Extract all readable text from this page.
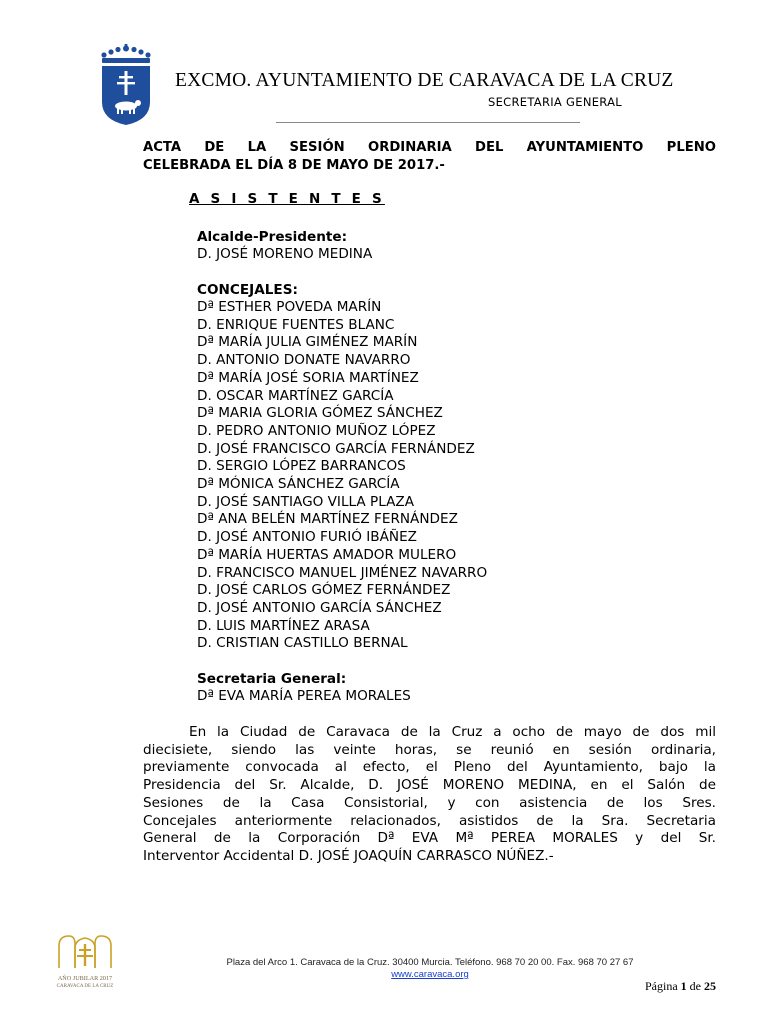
EXCMO. AYUNTAMIENTO DE CARAVACA DE LA CRUZ
SECRETARIA GENERAL
ACTA DE LA SESIÓN ORDINARIA DEL AYUNTAMIENTO PLENO
CELEBRADA EL DÍA 8 DE MAYO DE 2017.-
A S I S T E N T E S
Alcalde-Presidente:
D. JOSÉ MORENO MEDINA
CONCEJALES:
Dª ESTHER POVEDA MARÍN
D. ENRIQUE FUENTES BLANC
Dª MARÍA JULIA GIMÉNEZ MARÍN
D. ANTONIO DONATE NAVARRO
Dª MARÍA JOSÉ SORIA MARTÍNEZ
D. OSCAR MARTÍNEZ GARCÍA
Dª MARIA GLORIA GÓMEZ SÁNCHEZ
D. PEDRO ANTONIO MUÑOZ LÓPEZ
D. JOSÉ FRANCISCO GARCÍA FERNÁNDEZ
D. SERGIO LÓPEZ BARRANCOS
Dª MÓNICA SÁNCHEZ GARCÍA
D. JOSÉ SANTIAGO VILLA PLAZA
Dª ANA BELÉN MARTÍNEZ FERNÁNDEZ
D. JOSÉ ANTONIO FURIÓ IBÁÑEZ
Dª MARÍA HUERTAS AMADOR MULERO
D. FRANCISCO MANUEL JIMÉNEZ NAVARRO
D. JOSÉ CARLOS GÓMEZ FERNÁNDEZ
D. JOSÉ ANTONIO GARCÍA SÁNCHEZ
D. LUIS MARTÍNEZ ARASA
D. CRISTIAN CASTILLO BERNAL
Secretaria General:
Dª EVA MARÍA PEREA MORALES
En la Ciudad de Caravaca de la Cruz a ocho de mayo de dos mil
diecisiete, siendo las veinte horas, se reunió en sesión ordinaria,
previamente convocada al efecto, el Pleno del Ayuntamiento, bajo la
Presidencia del Sr. Alcalde, D. JOSÉ MORENO MEDINA, en el Salón de
Sesiones de la Casa Consistorial, y con asistencia de los Sres.
Concejales anteriormente relacionados, asistidos de la Sra. Secretaria
General de la Corporación Dª EVA Mª PEREA MORALES y del Sr.
Interventor Accidental D. JOSÉ JOAQUÍN CARRASCO NÚÑEZ.-
AÑO JUBILAR 2017
CARAVACA DE LA CRUZ
Plaza del Arco 1. Caravaca de la Cruz. 30400 Murcia. Teléfono. 968 70 20 00. Fax. 968 70 27 67
www.caravaca.org
Página 1 de 25
